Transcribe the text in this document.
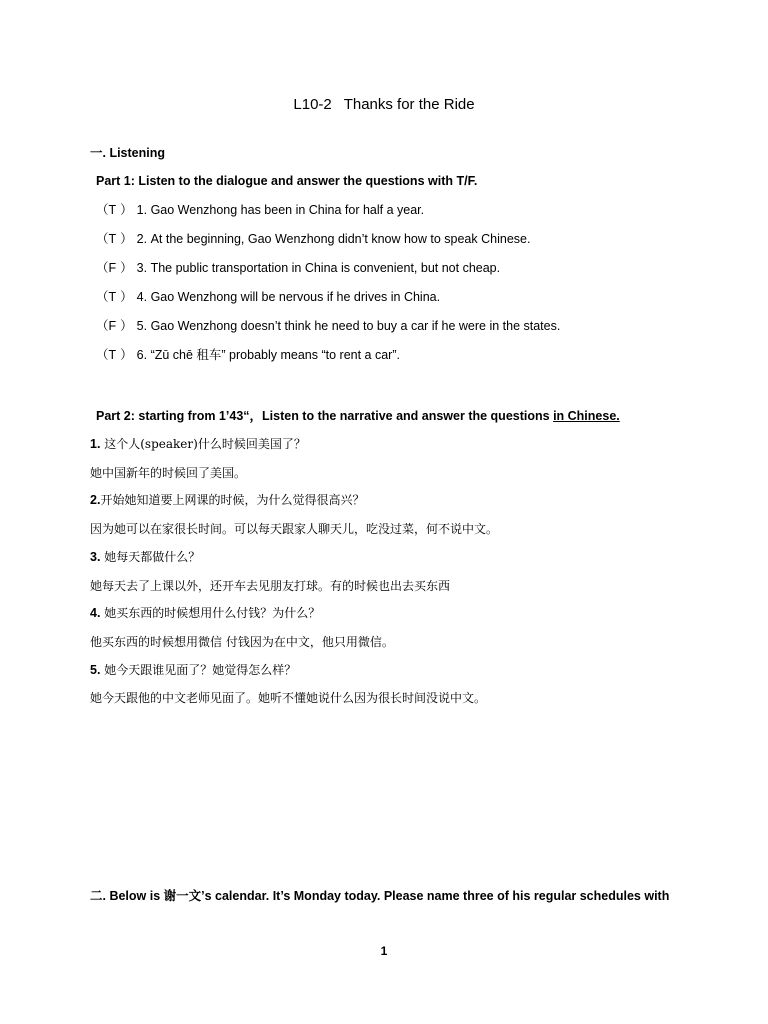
L10-2 Thanks for the Ride
一. Listening
Part 1: Listen to the dialogue and answer the questions with T/F.
（T ） 1. Gao Wenzhong has been in China for half a year.
（T ） 2. At the beginning, Gao Wenzhong didn’t know how to speak Chinese.
（F ） 3. The public transportation in China is convenient, but not cheap.
（T ） 4. Gao Wenzhong will be nervous if he drives in China.
（F ） 5. Gao Wenzhong doesn’t think he need to buy a car if he were in the states.
（T ） 6. “Zū chē 租车” probably means “to rent a car”.
Part 2: starting from 1’43“，Listen to the narrative and answer the questions in Chinese.
1. 这个人(speaker)什么时候回美国了？
她中国新年的时候回了美国。
2.开始她知道要上网课的时候，为什么觉得很高兴？
因为她可以在家很长时间。可以每天跟家人聊天儿，吃没过菜，何不说中文。
3. 她每天都做什么？
她每天去了上课以外，还开车去见朋友打球。有的时候也出去买东西
4. 她买东西的时候想用什么付钱？为什么？
他买东西的时候想用微信 付钱因为在中文，他只用微信。
5. 她今天跟谁见面了？她觉得怎么样？
她今天跟他的中文老师见面了。她听不懂她说什么因为很长时间没说中文。
二. Below is 谢一文’s calendar. It’s Monday today. Please name three of his regular schedules with
1
